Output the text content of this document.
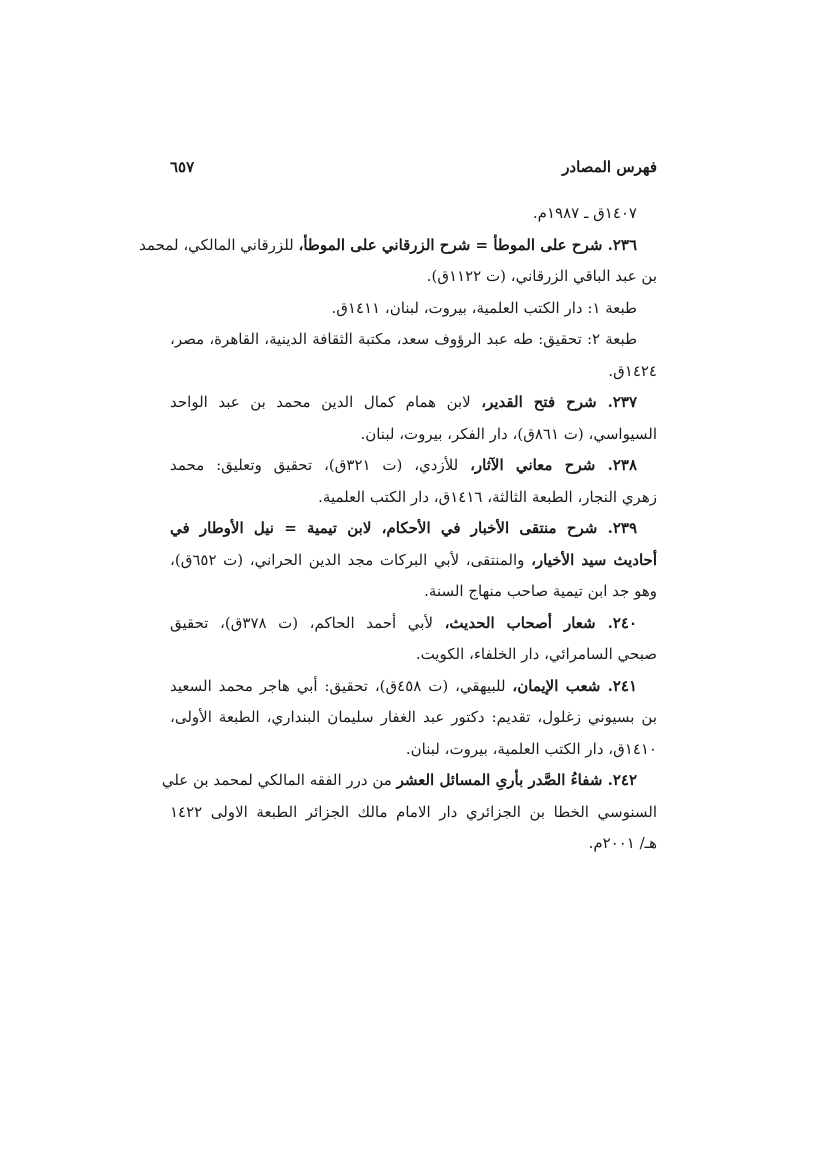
فهرس المصادر
٦٥٧
١٤٠٧ق ـ ١٩٨٧م.
٢٣٦. شرح على الموطأ = شرح الزرقاني على الموطأ، للزرقاني المالكي، لمحمد
بن عبد الباقي الزرقاني، (ت ١١٢٢ق).
طبعة ١: دار الكتب العلمية، بيروت، لبنان، ١٤١١ق.
طبعة ٢: تحقيق: طه عبد الرؤوف سعد، مكتبة الثقافة الدينية، القاهرة، مصر،
١٤٢٤ق.
٢٣٧. شرح فتح القدير، لابن همام كمال الدين محمد بن عبد الواحد
السيواسي، (ت ٨٦١ق)، دار الفكر، بيروت، لبنان.
٢٣٨. شرح معاني الآثار، للأزدي، (ت ٣٢١ق)، تحقيق وتعليق: محمد
زهري النجار، الطبعة الثالثة، ١٤١٦ق، دار الكتب العلمية.
٢٣٩. شرح منتقى الأخبار في الأحكام، لابن تيمية = نيل الأوطار في
أحاديث سيد الأخيار، والمنتقى، لأبي البركات مجد الدين الحراني، (ت ٦٥٢ق)،
وهو جد ابن تيمية صاحب منهاج السنة.
٢٤٠. شعار أصحاب الحديث، لأبي أحمد الحاكم، (ت ٣٧٨ق)، تحقيق
صبحي السامرائي، دار الخلفاء، الكويت.
٢٤١. شعب الإيمان، للبيهقي، (ت ٤٥٨ق)، تحقيق: أبي هاجر محمد السعيد
بن بسيوني زغلول، تقديم: دكتور عبد الغفار سليمان البنداري، الطبعة الأولى،
١٤١٠ق، دار الكتب العلمية، بيروت، لبنان.
٢٤٢. شفاءُ الصَّدر بأرىِ المسائل العشر من درر الفقه المالكي لمحمد بن علي
السنوسي الخطا بن الجزائري دار الامام مالك الجزائر الطبعة الاولى ١٤٢٢
هـ/ ٢٠٠١م.
